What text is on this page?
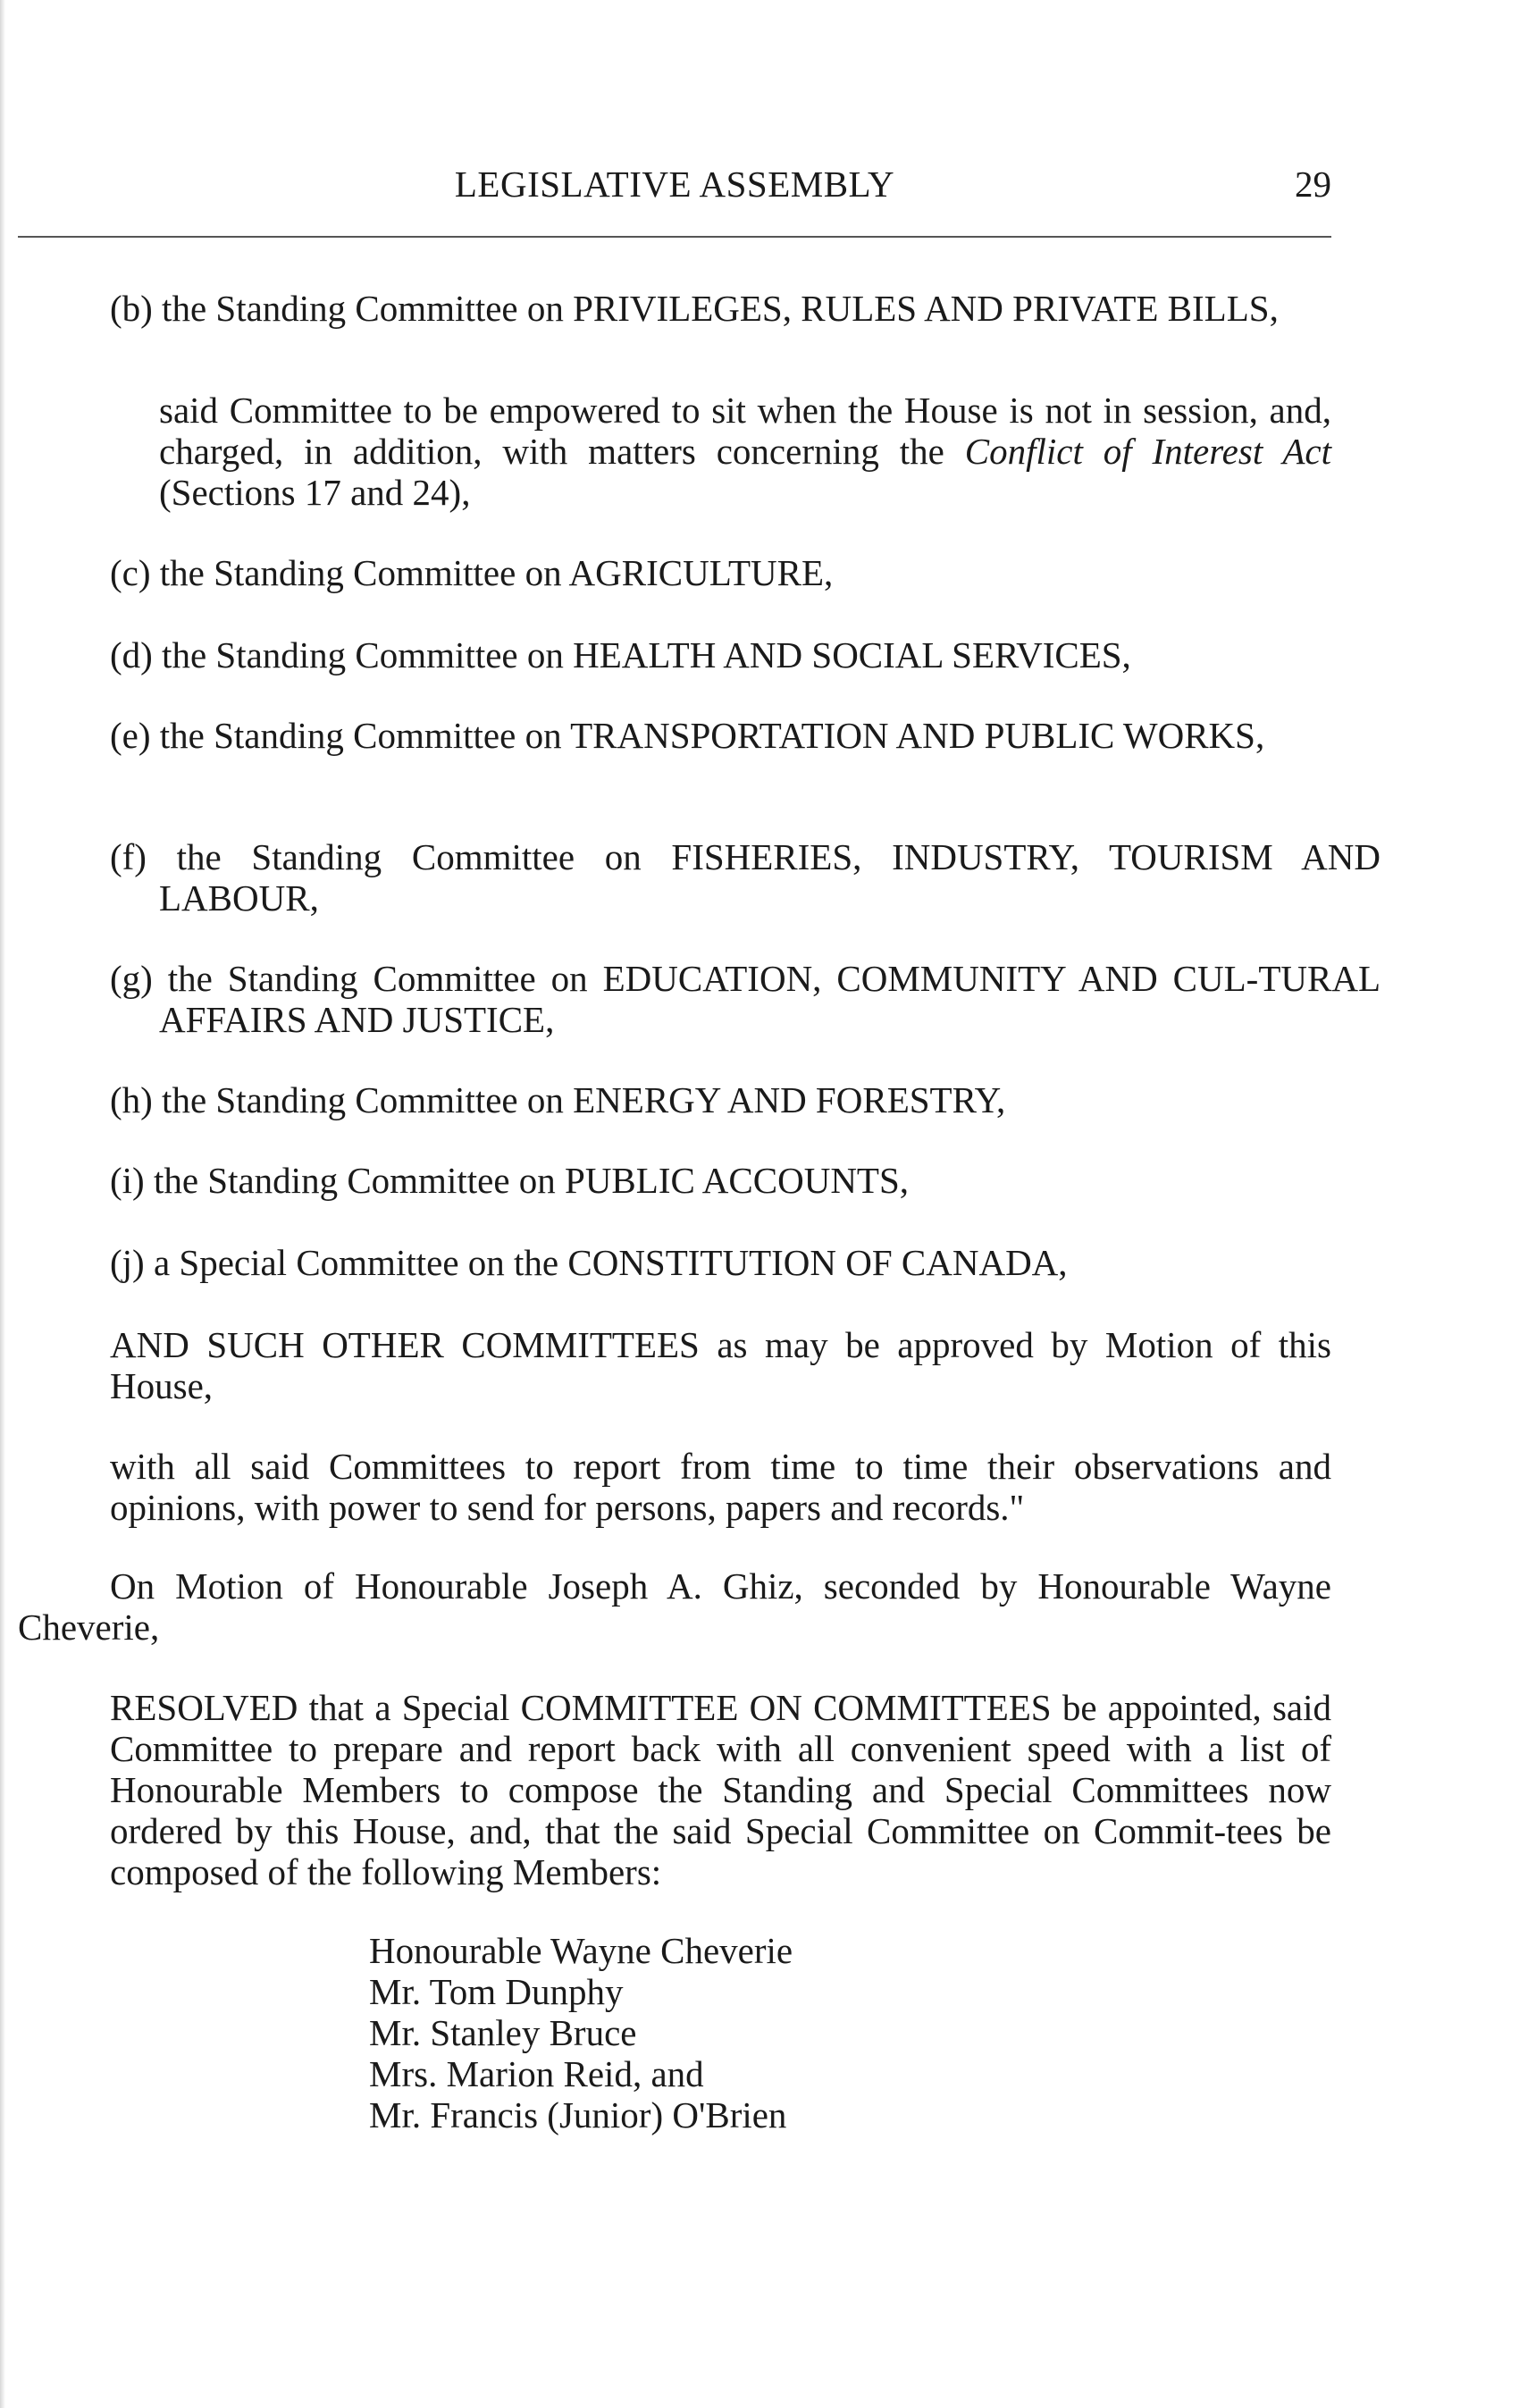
LEGISLATIVE ASSEMBLY	29

(b) the Standing Committee on PRIVILEGES, RULES AND PRIVATE BILLS,

said Committee to be empowered to sit when the House is not in session, and, charged, in addition, with matters concerning the Conflict of Interest Act (Sections 17 and 24),

(c) the Standing Committee on AGRICULTURE,

(d) the Standing Committee on HEALTH AND SOCIAL SERVICES,

(e) the Standing Committee on TRANSPORTATION AND PUBLIC WORKS,

(f) the Standing Committee on FISHERIES, INDUSTRY, TOURISM AND LABOUR,

(g) the Standing Committee on EDUCATION, COMMUNITY AND CUL-TURAL AFFAIRS AND JUSTICE,

(h) the Standing Committee on ENERGY AND FORESTRY,

(i) the Standing Committee on PUBLIC ACCOUNTS,

(j) a Special Committee on the CONSTITUTION OF CANADA,

AND SUCH OTHER COMMITTEES as may be approved by Motion of this House,

with all said Committees to report from time to time their observations and opinions, with power to send for persons, papers and records."

On Motion of Honourable Joseph A. Ghiz, seconded by Honourable Wayne Cheverie,

RESOLVED that a Special COMMITTEE ON COMMITTEES be appointed, said Committee to prepare and report back with all convenient speed with a list of Honourable Members to compose the Standing and Special Committees now ordered by this House, and, that the said Special Committee on Commit-tees be composed of the following Members:

Honourable Wayne Cheverie
Mr. Tom Dunphy
Mr. Stanley Bruce
Mrs. Marion Reid, and
Mr. Francis (Junior) O'Brien
